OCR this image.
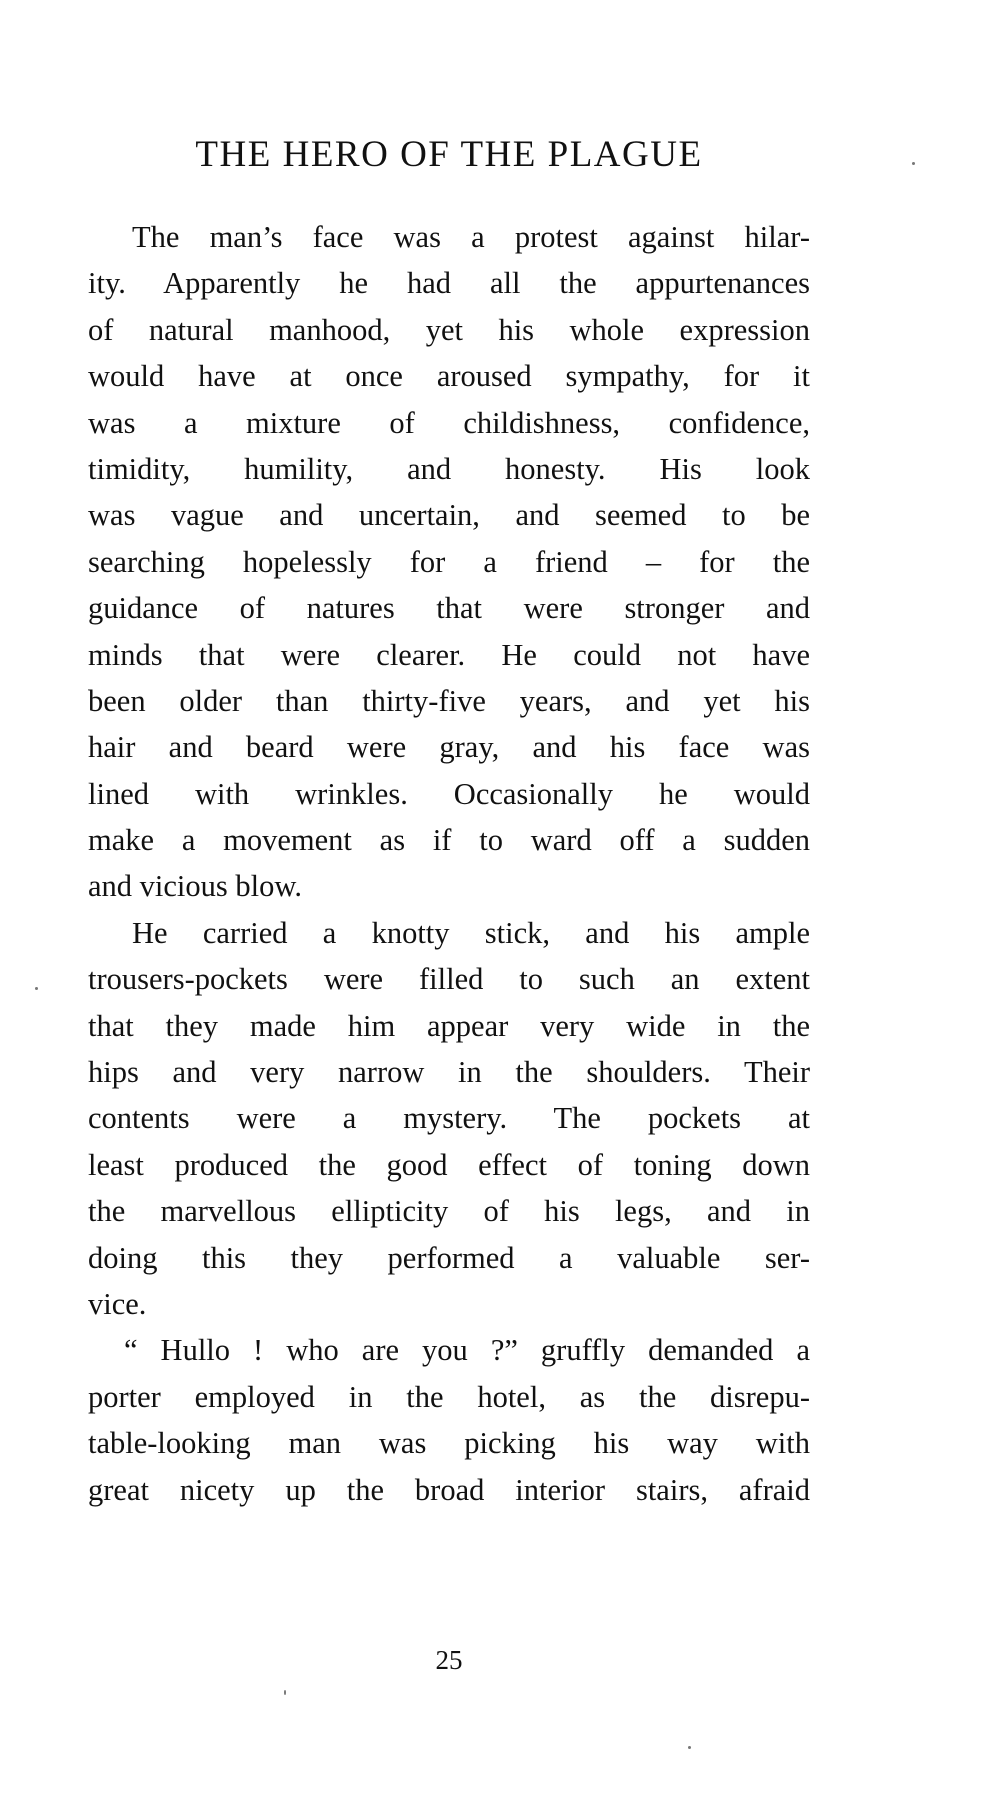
THE HERO OF THE PLAGUE
The man’s face was a protest against hilar-
ity. Apparently he had all the appurtenances
of natural manhood, yet his whole expression
would have at once aroused sympathy, for it
was a mixture of childishness, confidence,
timidity, humility, and honesty. His look
was vague and uncertain, and seemed to be
searching hopelessly for a friend – for the
guidance of natures that were stronger and
minds that were clearer. He could not have
been older than thirty-five years, and yet his
hair and beard were gray, and his face was
lined with wrinkles. Occasionally he would
make a movement as if to ward off a sudden
and vicious blow.
He carried a knotty stick, and his ample
trousers-pockets were filled to such an extent
that they made him appear very wide in the
hips and very narrow in the shoulders. Their
contents were a mystery. The pockets at
least produced the good effect of toning down
the marvellous ellipticity of his legs, and in
doing this they performed a valuable ser-
vice.
“ Hullo ! who are you ?” gruffly demanded a
porter employed in the hotel, as the disrepu-
table-looking man was picking his way with
great nicety up the broad interior stairs, afraid
25
